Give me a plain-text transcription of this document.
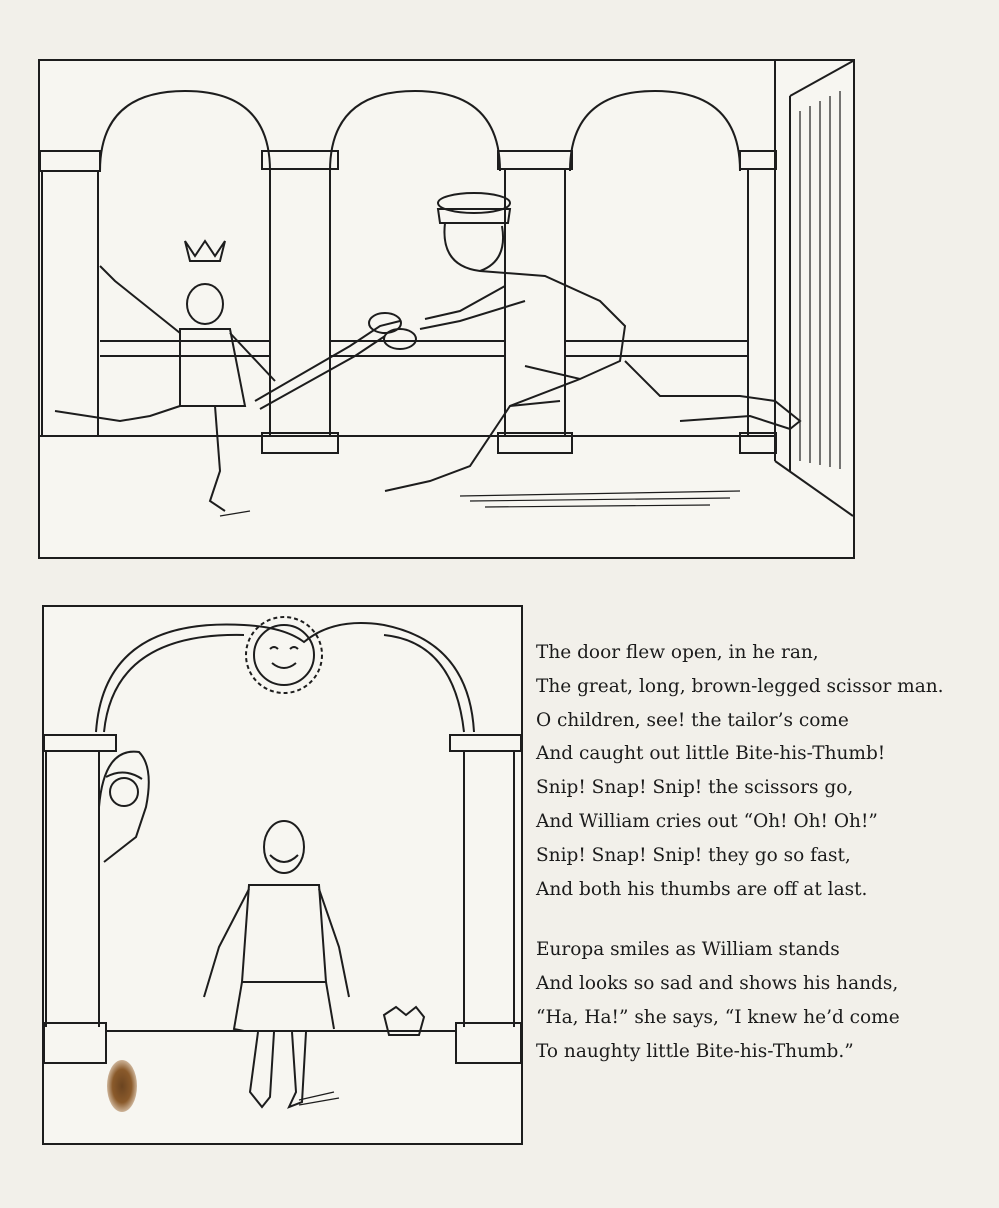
The door flew open, in he ran,
The great, long, brown-legged scissor man.
O children, see! the tailor’s come
And caught out little Bite-his-Thumb!
Snip! Snap! Snip! the scissors go,
And William cries out “Oh! Oh! Oh!”
Snip! Snap! Snip! they go so fast,
And both his thumbs are off at last.
Europa smiles as William stands
And looks so sad and shows his hands,
“Ha, Ha!” she says, “I knew he’d come
To naughty little Bite-his-Thumb.”
